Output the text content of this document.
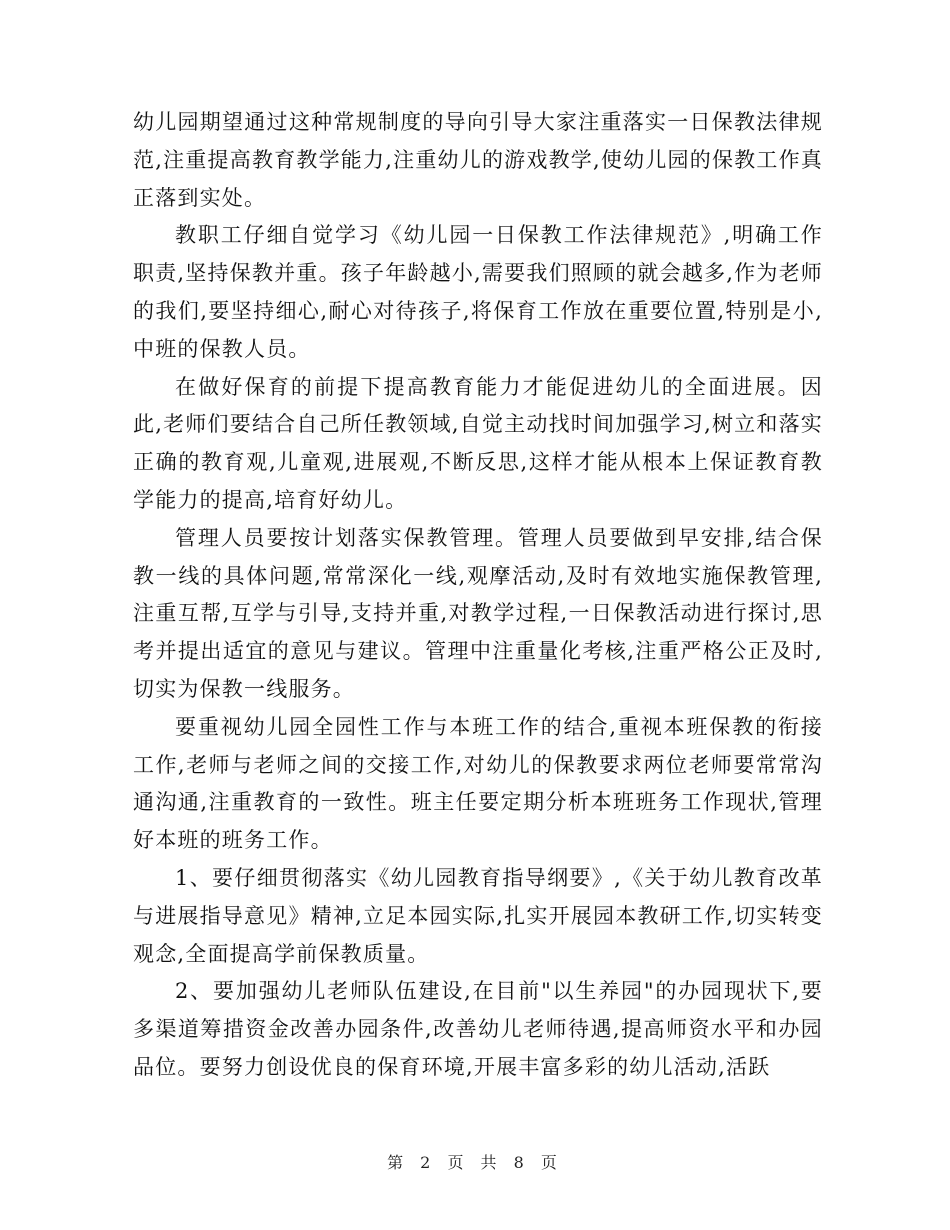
幼儿园期望通过这种常规制度的导向引导大家注重落实一日保教法律规范,注重提高教育教学能力,注重幼儿的游戏教学,使幼儿园的保教工作真正落到实处。

教职工仔细自觉学习《幼儿园一日保教工作法律规范》,明确工作职责,坚持保教并重。孩子年龄越小,需要我们照顾的就会越多,作为老师的我们,要坚持细心,耐心对待孩子,将保育工作放在重要位置,特别是小,中班的保教人员。

在做好保育的前提下提高教育能力才能促进幼儿的全面进展。因此,老师们要结合自己所任教领域,自觉主动找时间加强学习,树立和落实正确的教育观,儿童观,进展观,不断反思,这样才能从根本上保证教育教学能力的提高,培育好幼儿。

管理人员要按计划落实保教管理。管理人员要做到早安排,结合保教一线的具体问题,常常深化一线,观摩活动,及时有效地实施保教管理,注重互帮,互学与引导,支持并重,对教学过程,一日保教活动进行探讨,思考并提出适宜的意见与建议。管理中注重量化考核,注重严格公正及时,切实为保教一线服务。

要重视幼儿园全园性工作与本班工作的结合,重视本班保教的衔接工作,老师与老师之间的交接工作,对幼儿的保教要求两位老师要常常沟通沟通,注重教育的一致性。班主任要定期分析本班班务工作现状,管理好本班的班务工作。

1、要仔细贯彻落实《幼儿园教育指导纲要》,《关于幼儿教育改革与进展指导意见》精神,立足本园实际,扎实开展园本教研工作,切实转变观念,全面提高学前保教质量。

2、要加强幼儿老师队伍建设,在目前"以生养园"的办园现状下,要多渠道筹措资金改善办园条件,改善幼儿老师待遇,提高师资水平和办园品位。要努力创设优良的保育环境,开展丰富多彩的幼儿活动,活跃

第 2 页 共 8 页
